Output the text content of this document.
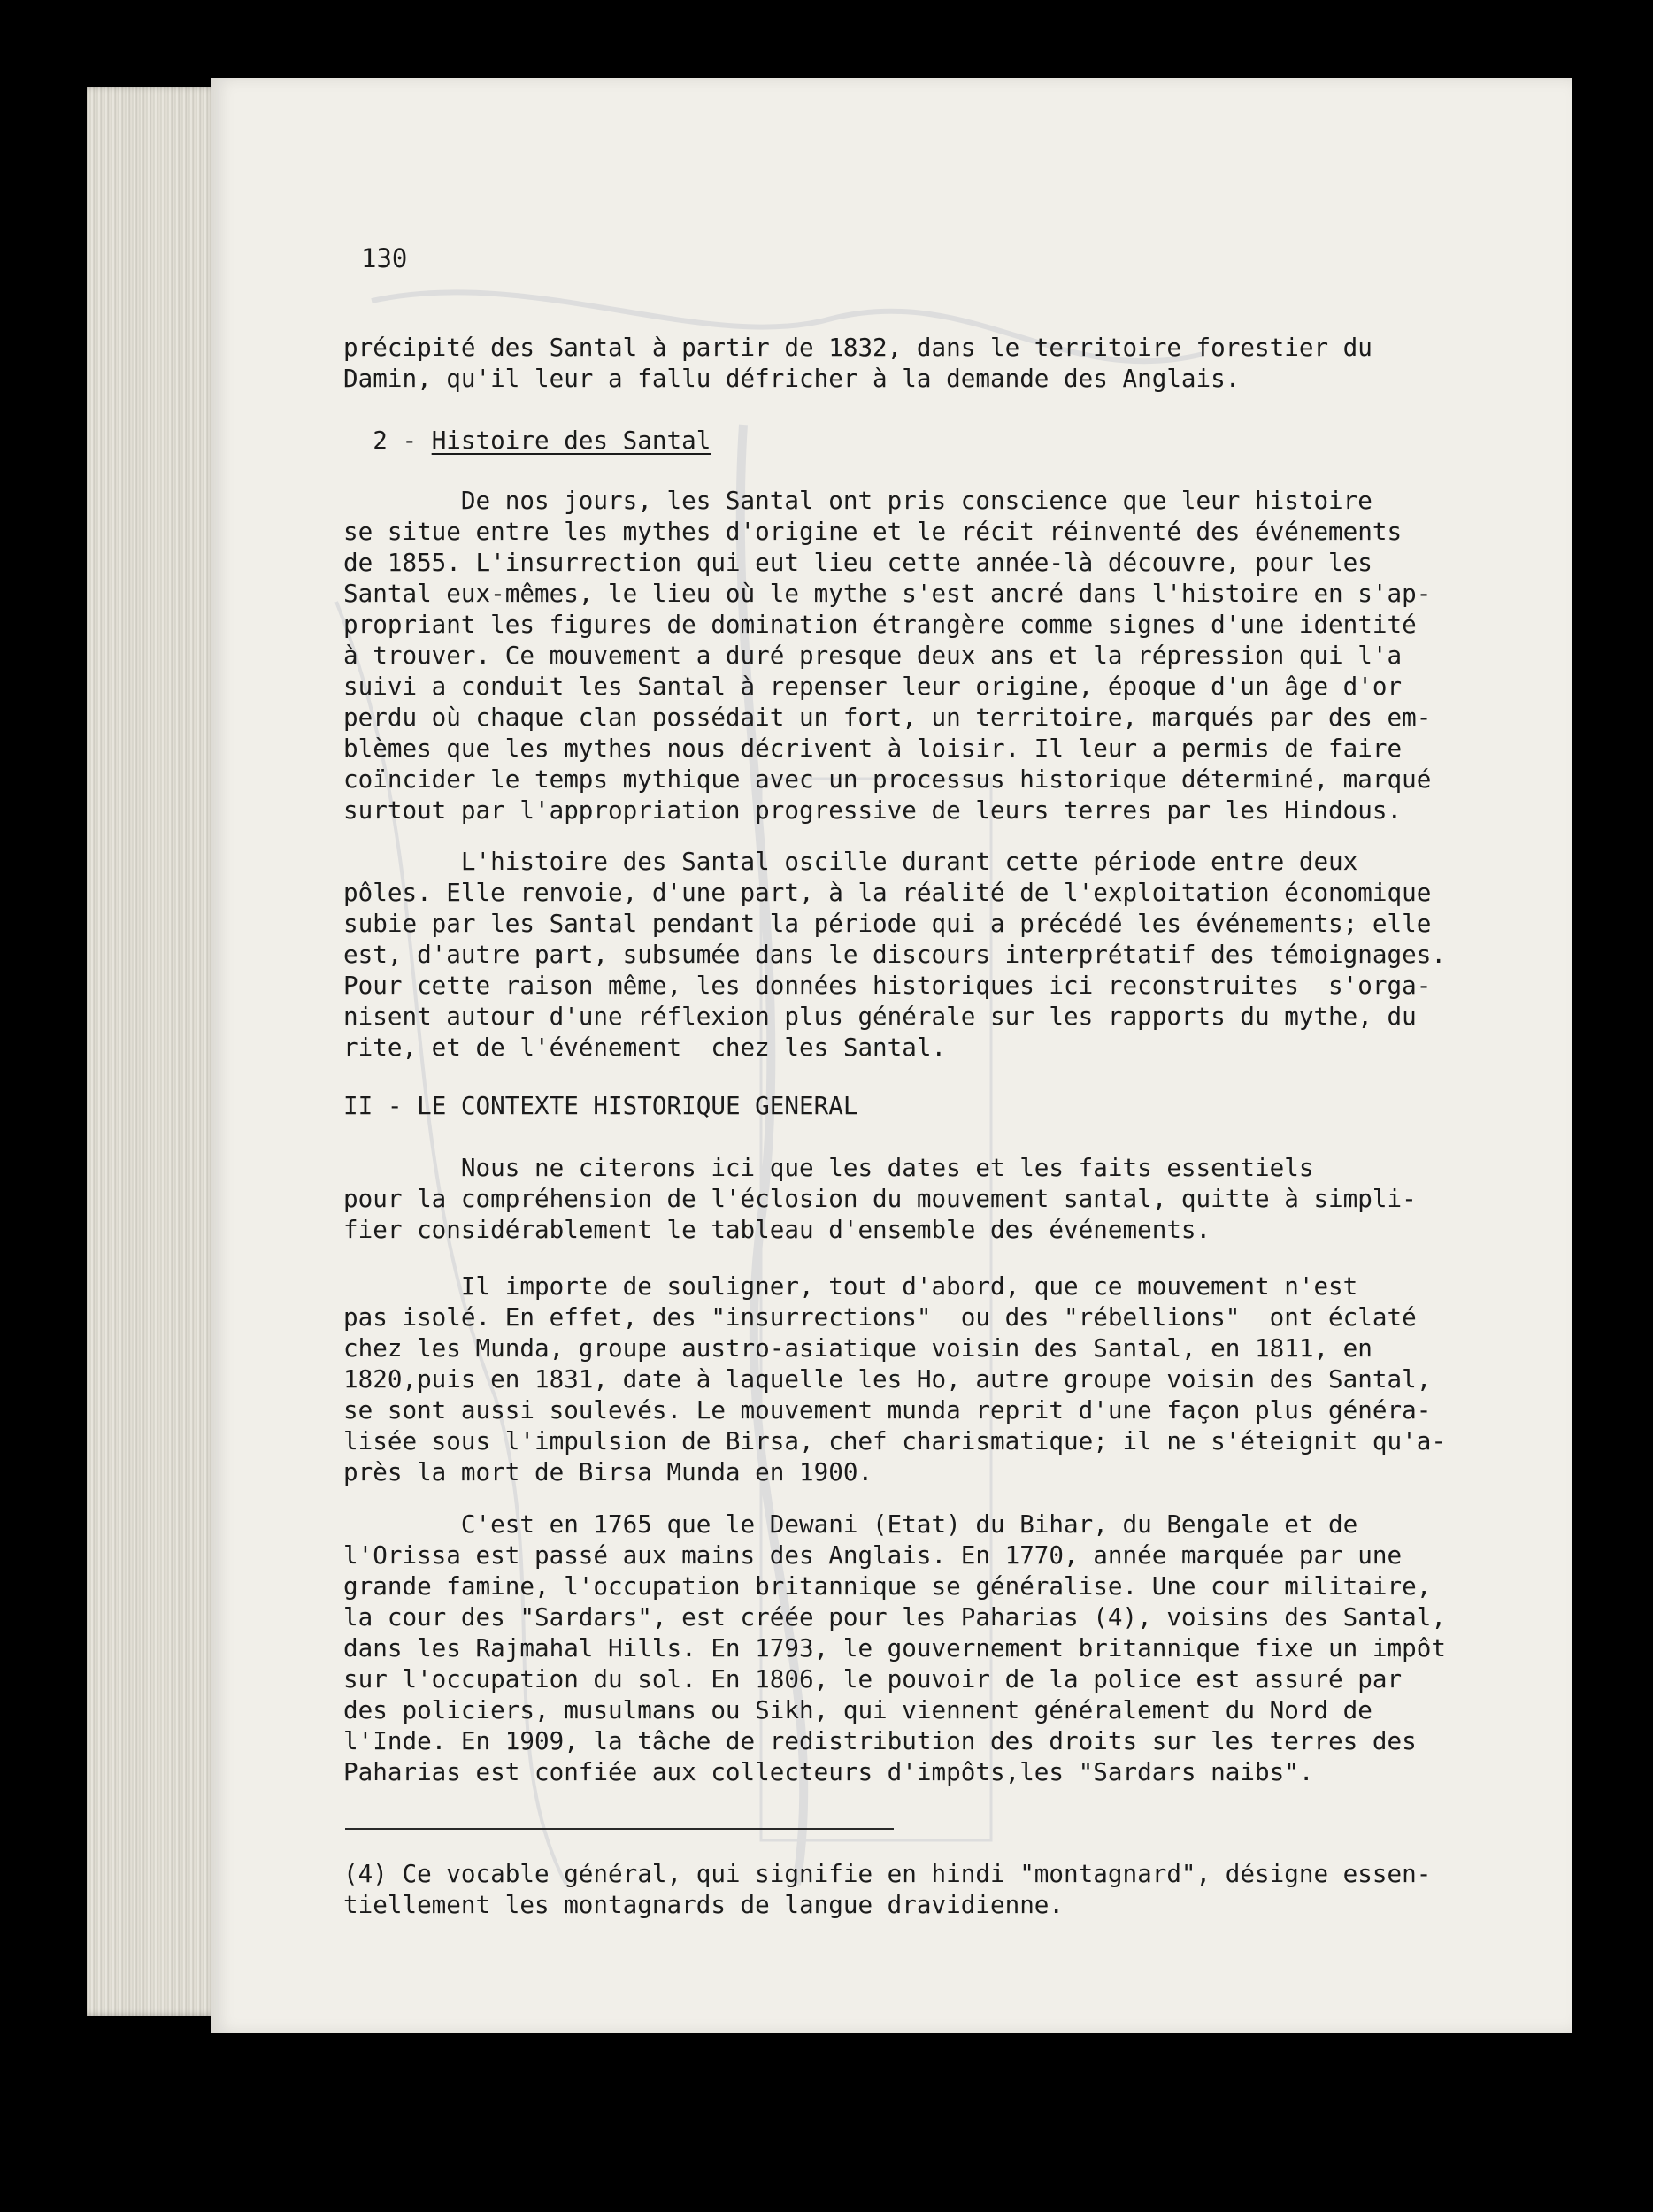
130
précipité des Santal à partir de 1832, dans le territoire forestier du
Damin, qu'il leur a fallu défricher à la demande des Anglais.
2 - Histoire des Santal
De nos jours, les Santal ont pris conscience que leur histoire
se situe entre les mythes d'origine et le récit réinventé des événements
de 1855. L'insurrection qui eut lieu cette année-là découvre, pour les
Santal eux-mêmes, le lieu où le mythe s'est ancré dans l'histoire en s'ap-
propriant les figures de domination étrangère comme signes d'une identité
à trouver. Ce mouvement a duré presque deux ans et la répression qui l'a
suivi a conduit les Santal à repenser leur origine, époque d'un âge d'or
perdu où chaque clan possédait un fort, un territoire, marqués par des em-
blèmes que les mythes nous décrivent à loisir. Il leur a permis de faire
coïncider le temps mythique avec un processus historique déterminé, marqué
surtout par l'appropriation progressive de leurs terres par les Hindous.
L'histoire des Santal oscille durant cette période entre deux
pôles. Elle renvoie, d'une part, à la réalité de l'exploitation économique
subie par les Santal pendant la période qui a précédé les événements; elle
est, d'autre part, subsumée dans le discours interprétatif des témoignages.
Pour cette raison même, les données historiques ici reconstruites  s'orga-
nisent autour d'une réflexion plus générale sur les rapports du mythe, du
rite, et de l'événement  chez les Santal.
II - LE CONTEXTE HISTORIQUE GENERAL
Nous ne citerons ici que les dates et les faits essentiels
pour la compréhension de l'éclosion du mouvement santal, quitte à simpli-
fier considérablement le tableau d'ensemble des événements.
Il importe de souligner, tout d'abord, que ce mouvement n'est
pas isolé. En effet, des "insurrections"  ou des "rébellions"  ont éclaté
chez les Munda, groupe austro-asiatique voisin des Santal, en 1811, en
1820,puis en 1831, date à laquelle les Ho, autre groupe voisin des Santal,
se sont aussi soulevés. Le mouvement munda reprit d'une façon plus généra-
lisée sous l'impulsion de Birsa, chef charismatique; il ne s'éteignit qu'a-
près la mort de Birsa Munda en 1900.
C'est en 1765 que le Dewani (Etat) du Bihar, du Bengale et de
l'Orissa est passé aux mains des Anglais. En 1770, année marquée par une
grande famine, l'occupation britannique se généralise. Une cour militaire,
la cour des "Sardars", est créée pour les Paharias (4), voisins des Santal,
dans les Rajmahal Hills. En 1793, le gouvernement britannique fixe un impôt
sur l'occupation du sol. En 1806, le pouvoir de la police est assuré par
des policiers, musulmans ou Sikh, qui viennent généralement du Nord de
l'Inde. En 1909, la tâche de redistribution des droits sur les terres des
Paharias est confiée aux collecteurs d'impôts,les "Sardars naibs".
(4) Ce vocable général, qui signifie en hindi "montagnard", désigne essen-
tiellement les montagnards de langue dravidienne.
